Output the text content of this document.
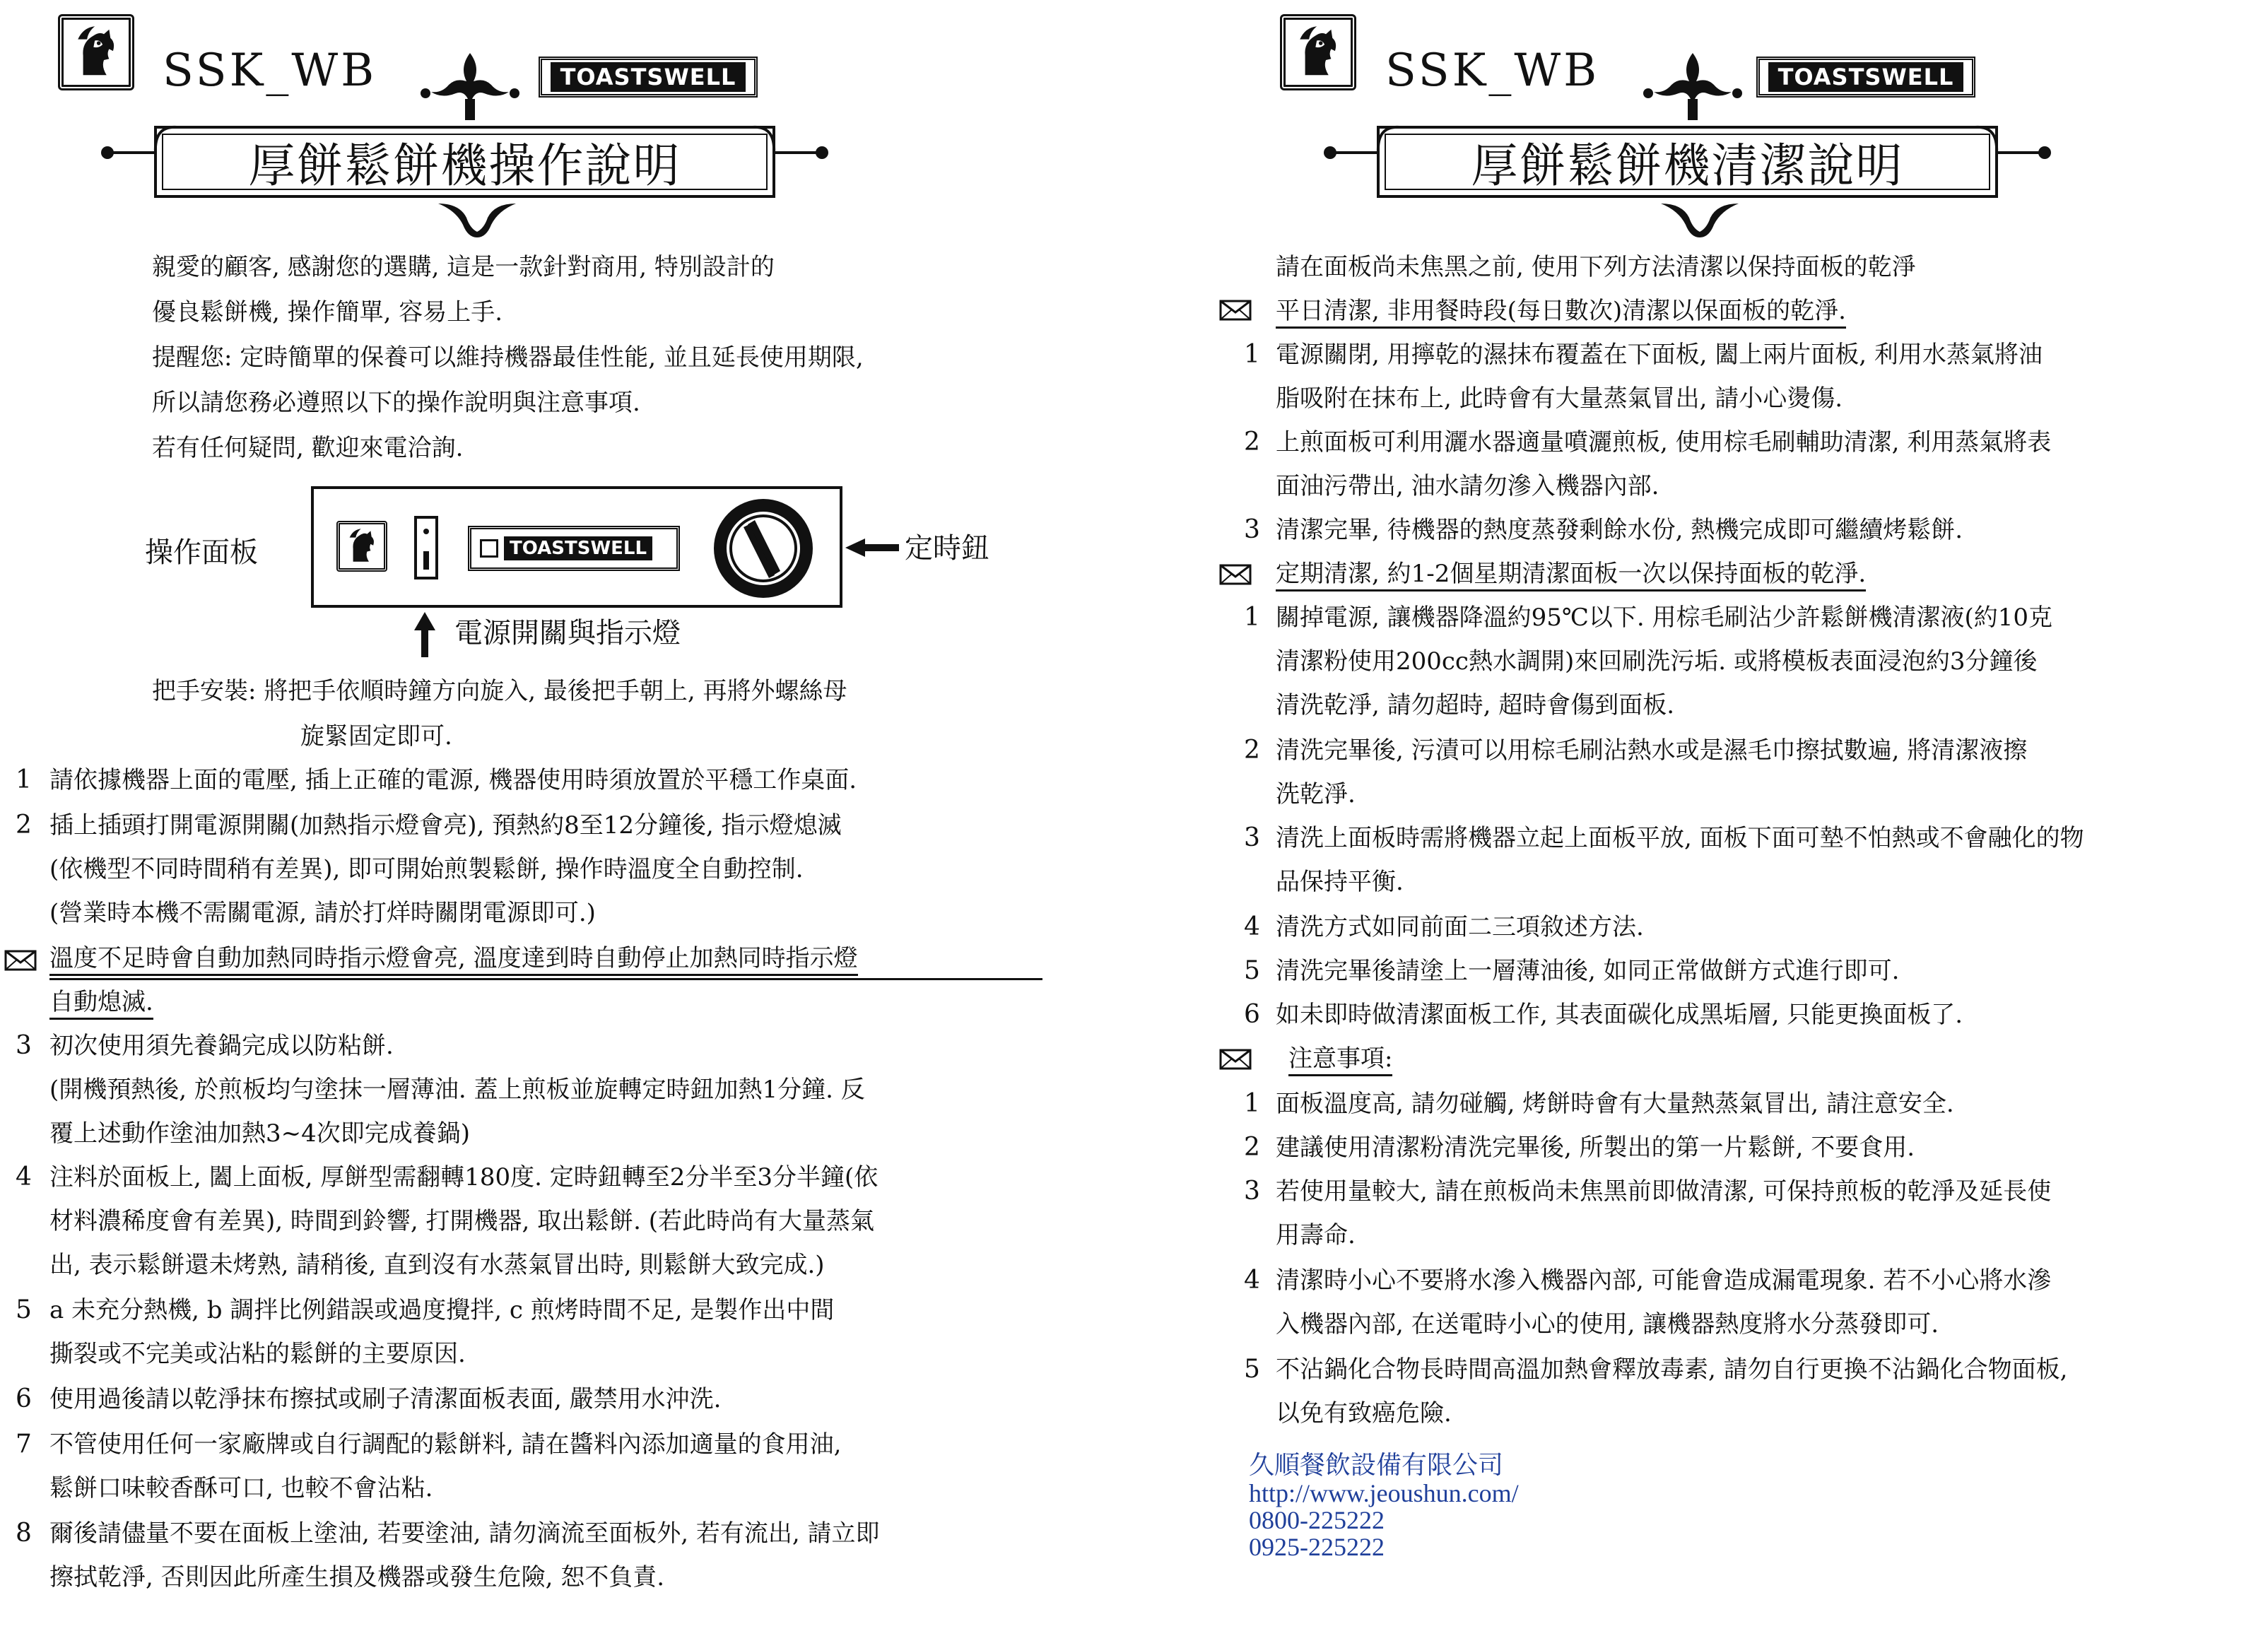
SSK_WB	TOASTSWELL
厚餅鬆餅機操作說明
親愛的顧客, 感謝您的選購, 這是一款針對商用, 特別設計的
優良鬆餅機, 操作簡單, 容易上手.
提醒您: 定時簡單的保養可以維持機器最佳性能, 並且延長使用期限,
所以請您務必遵照以下的操作說明與注意事項.
若有任何疑問, 歡迎來電洽詢.
操作面板	TOASTSWELL	定時鈕
電源開關與指示燈
把手安裝: 將把手依順時鐘方向旋入, 最後把手朝上, 再將外螺絲母
旋緊固定即可.
1 請依據機器上面的電壓, 插上正確的電源, 機器使用時須放置於平穩工作桌面.
2 插上插頭打開電源開關(加熱指示燈會亮), 預熱約8至12分鐘後, 指示燈熄滅
(依機型不同時間稍有差異), 即可開始煎製鬆餅, 操作時溫度全自動控制.
(營業時本機不需關電源, 請於打烊時關閉電源即可.)
溫度不足時會自動加熱同時指示燈會亮, 溫度達到時自動停止加熱同時指示燈
自動熄滅.
3 初次使用須先養鍋完成以防粘餅.
(開機預熱後, 於煎板均勻塗抹一層薄油. 蓋上煎板並旋轉定時鈕加熱1分鐘. 反
覆上述動作塗油加熱3~4次即完成養鍋)
4 注料於面板上, 闔上面板, 厚餅型需翻轉180度. 定時鈕轉至2分半至3分半鐘(依
材料濃稀度會有差異), 時間到鈴響, 打開機器, 取出鬆餅. (若此時尚有大量蒸氣
出, 表示鬆餅還未烤熟, 請稍後, 直到沒有水蒸氣冒出時, 則鬆餅大致完成.)
5 a 未充分熱機, b 調拌比例錯誤或過度攪拌, c 煎烤時間不足, 是製作出中間
撕裂或不完美或沾粘的鬆餅的主要原因.
6 使用過後請以乾淨抹布擦拭或刷子清潔面板表面, 嚴禁用水沖洗.
7 不管使用任何一家廠牌或自行調配的鬆餅料, 請在醬料內添加適量的食用油,
鬆餅口味較香酥可口, 也較不會沾粘.
8 爾後請儘量不要在面板上塗油, 若要塗油, 請勿滴流至面板外, 若有流出, 請立即
擦拭乾淨, 否則因此所產生損及機器或發生危險, 恕不負責.
SSK_WB	TOASTSWELL
厚餅鬆餅機清潔說明
請在面板尚未焦黑之前, 使用下列方法清潔以保持面板的乾淨
平日清潔, 非用餐時段(每日數次)清潔以保面板的乾淨.
1 電源關閉, 用擰乾的濕抹布覆蓋在下面板, 闔上兩片面板, 利用水蒸氣將油
脂吸附在抹布上, 此時會有大量蒸氣冒出, 請小心燙傷.
2 上煎面板可利用灑水器適量噴灑煎板, 使用棕毛刷輔助清潔, 利用蒸氣將表
面油污帶出, 油水請勿滲入機器內部.
3 清潔完畢, 待機器的熱度蒸發剩餘水份, 熱機完成即可繼續烤鬆餅.
定期清潔, 約1-2個星期清潔面板一次以保持面板的乾淨.
1 關掉電源, 讓機器降溫約95℃以下. 用棕毛刷沾少許鬆餅機清潔液(約10克
清潔粉使用200cc熱水調開)來回刷洗污垢. 或將模板表面浸泡約3分鐘後
清洗乾淨, 請勿超時, 超時會傷到面板.
2 清洗完畢後, 污漬可以用棕毛刷沾熱水或是濕毛巾擦拭數遍, 將清潔液擦
洗乾淨.
3 清洗上面板時需將機器立起上面板平放, 面板下面可墊不怕熱或不會融化的物
品保持平衡.
4 清洗方式如同前面二三項敘述方法.
5 清洗完畢後請塗上一層薄油後, 如同正常做餅方式進行即可.
6 如未即時做清潔面板工作, 其表面碳化成黑垢層, 只能更換面板了.
注意事項:
1 面板溫度高, 請勿碰觸, 烤餅時會有大量熱蒸氣冒出, 請注意安全.
2 建議使用清潔粉清洗完畢後, 所製出的第一片鬆餅, 不要食用.
3 若使用量較大, 請在煎板尚未焦黑前即做清潔, 可保持煎板的乾淨及延長使
用壽命.
4 清潔時小心不要將水滲入機器內部, 可能會造成漏電現象. 若不小心將水滲
入機器內部, 在送電時小心的使用, 讓機器熱度將水分蒸發即可.
5 不沾鍋化合物長時間高溫加熱會釋放毒素, 請勿自行更換不沾鍋化合物面板,
以免有致癌危險.
久順餐飲設備有限公司
http://www.jeoushun.com/
0800-225222
0925-225222
